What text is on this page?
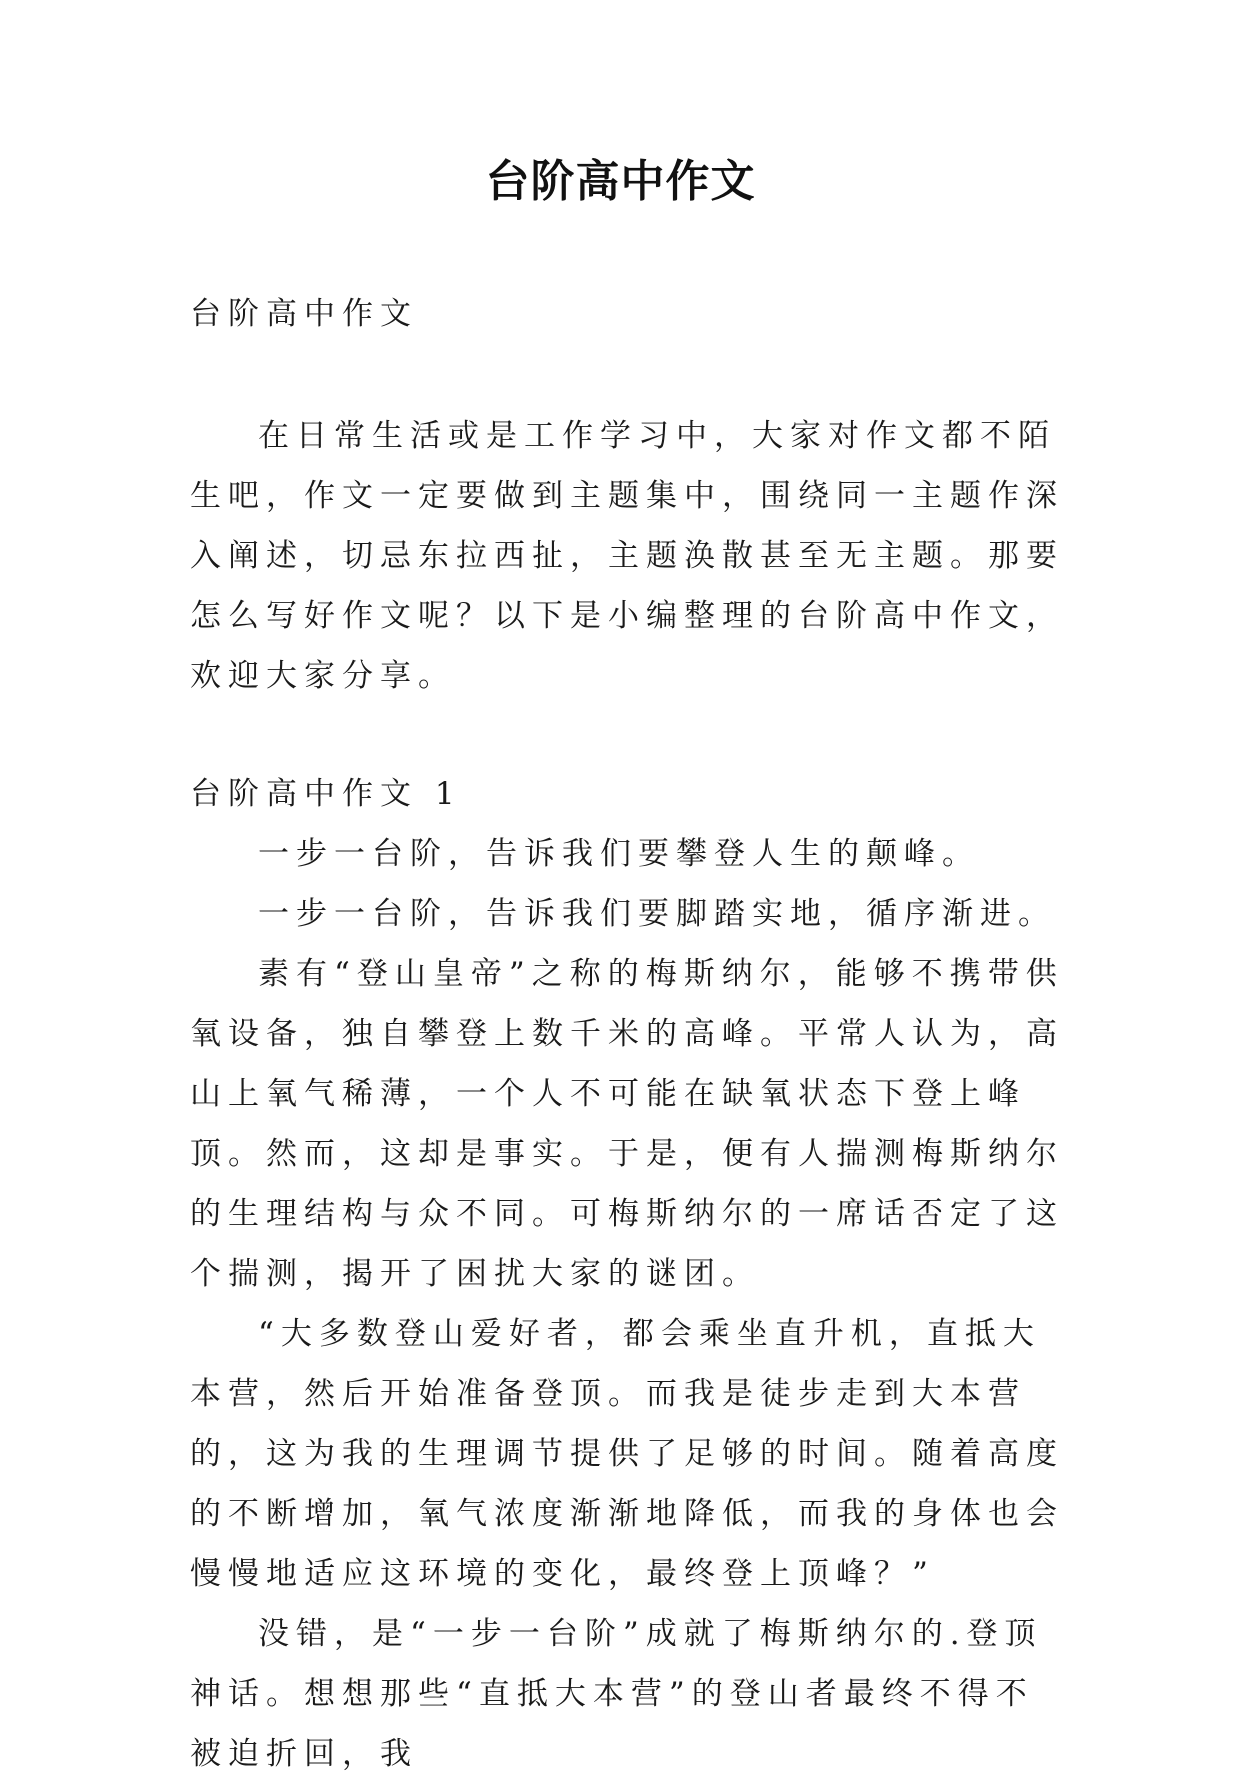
台阶高中作文

台阶高中作文

在日常生活或是工作学习中，大家对作文都不陌生吧，作文一定要做到主题集中，围绕同一主题作深入阐述，切忌东拉西扯，主题涣散甚至无主题。那要怎么写好作文呢？以下是小编整理的台阶高中作文，欢迎大家分享。

台阶高中作文 1

一步一台阶，告诉我们要攀登人生的颠峰。

一步一台阶，告诉我们要脚踏实地，循序渐进。

素有“登山皇帝”之称的梅斯纳尔，能够不携带供氧设备，独自攀登上数千米的高峰。平常人认为，高山上氧气稀薄，一个人不可能在缺氧状态下登上峰顶。然而，这却是事实。于是，便有人揣测梅斯纳尔的生理结构与众不同。可梅斯纳尔的一席话否定了这个揣测，揭开了困扰大家的谜团。

“大多数登山爱好者，都会乘坐直升机，直抵大本营，然后开始准备登顶。而我是徒步走到大本营的，这为我的生理调节提供了足够的时间。随着高度的不断增加，氧气浓度渐渐地降低，而我的身体也会慢慢地适应这环境的变化，最终登上顶峰？”

没错，是“一步一台阶”成就了梅斯纳尔的.登顶神话。想想那些“直抵大本营”的登山者最终不得不被迫折回，我
